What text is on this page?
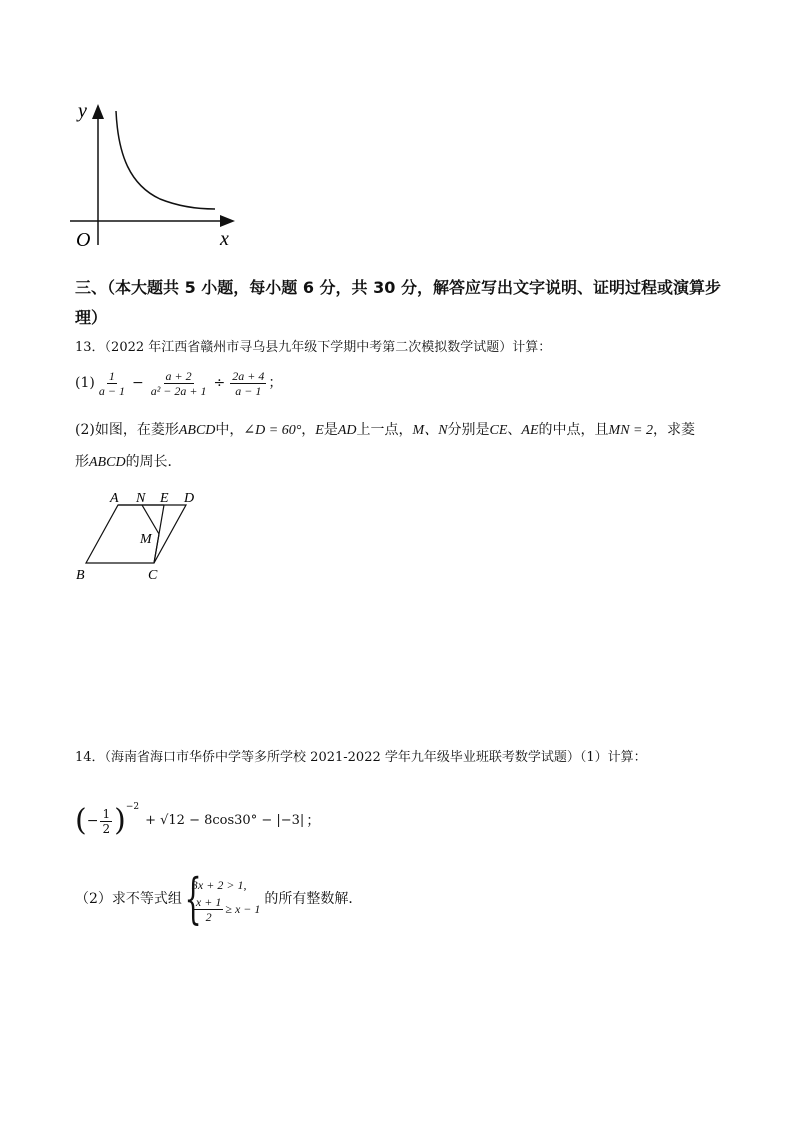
y
x
O
三、（本大题共 5 小题，每小题 6 分，共 30 分，解答应写出文字说明、证明过程或演算步
理）
13．（2022 年江西省赣州市寻乌县九年级下学期中考第二次模拟数学试题）计算：
$(1) \frac{1}{a - 1} - \frac{a + 2}{\text{a² − 2a + 1}} \div \frac{2a + 4}{a - 1}$ ；
(2)如图，在菱形ABCD中，∠D = 60°，E是AD上一点，M、N分别是CE、AE的中点，且MN = 2，求菱
形ABCD的周长．
A N E D
M
B	C
14．（海南省海口市华侨中学等多所学校 2021-2022 学年九年级毕业班联考数学试题）（1）计算：
( − $\frac{1}{2}$ ) −2
+ √12 − 8cos30° − |−3| ；
（2）求不等式组 {
3x + 2 > 1,
$\frac{x + 1}{2} \ge x - 1$
的所有整数解．
